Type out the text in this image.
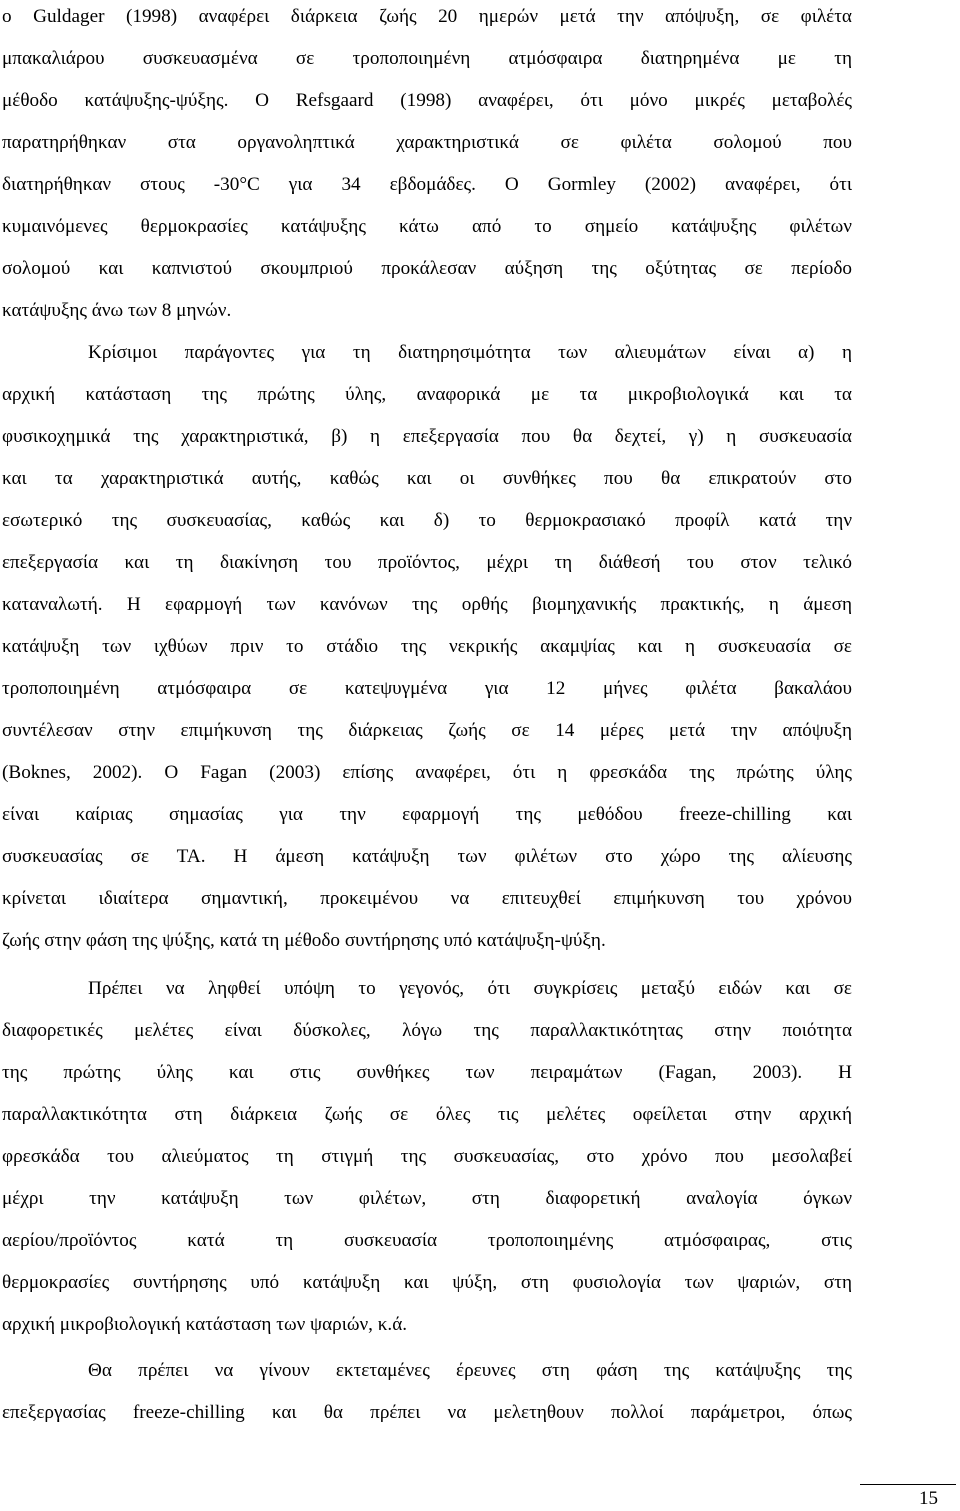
ο Guldager (1998) αναφέρει διάρκεια ζωής 20 ημερών μετά την απόψυξη, σε φιλέτα

μπακαλιάρου συσκευασμένα σε τροποποιημένη ατμόσφαιρα διατηρημένα με τη

μέθοδο κατάψυξης-ψύξης. O Refsgaard (1998) αναφέρει, ότι μόνο μικρές μεταβολές

παρατηρήθηκαν στα οργανοληπτικά χαρακτηριστικά σε φιλέτα σολομού που

διατηρήθηκαν στους -30°C για 34 εβδομάδες. O Gormley (2002) αναφέρει, ότι

κυμαινόμενες θερμοκρασίες κατάψυξης κάτω από το σημείο κατάψυξης φιλέτων

σολομού και καπνιστού σκουμπριού προκάλεσαν αύξηση της οξύτητας σε περίοδο

κατάψυξης άνω των 8 μηνών.

Κρίσιμοι παράγοντες για τη διατηρησιμότητα των αλιευμάτων είναι α) η

αρχική κατάσταση της πρώτης ύλης, αναφορικά με τα μικροβιολογικά και τα

φυσικοχημικά της χαρακτηριστικά, β) η επεξεργασία που θα δεχτεί, γ) η συσκευασία

και τα χαρακτηριστικά αυτής, καθώς και οι συνθήκες που θα επικρατούν στο

εσωτερικό της συσκευασίας, καθώς και δ) το θερμοκρασιακό προφίλ κατά την

επεξεργασία και τη διακίνηση του προϊόντος, μέχρι τη διάθεσή του στον τελικό

καταναλωτή. Η εφαρμογή των κανόνων της ορθής βιομηχανικής πρακτικής, η άμεση

κατάψυξη των ιχθύων πριν το στάδιο της νεκρικής ακαμψίας και η συσκευασία σε

τροποποιημένη ατμόσφαιρα σε κατεψυγμένα για 12 μήνες φιλέτα βακαλάου

συντέλεσαν στην επιμήκυνση της διάρκειας ζωής σε 14 μέρες μετά την απόψυξη

(Boknes, 2002). O Fagan (2003) επίσης αναφέρει, ότι η φρεσκάδα της πρώτης ύλης

είναι καίριας σημασίας για την εφαρμογή της μεθόδου freeze-chilling και

συσκευασίας σε ΤΑ. Η άμεση κατάψυξη των φιλέτων στο χώρο της αλίευσης

κρίνεται ιδιαίτερα σημαντική, προκειμένου να επιτευχθεί επιμήκυνση του χρόνου

ζωής στην φάση της ψύξης, κατά τη μέθοδο συντήρησης υπό κατάψυξη-ψύξη.

Πρέπει να ληφθεί υπόψη το γεγονός, ότι συγκρίσεις μεταξύ ειδών και σε

διαφορετικές μελέτες είναι δύσκολες, λόγω της παραλλακτικότητας στην ποιότητα

της πρώτης ύλης και στις συνθήκες των πειραμάτων (Fagan, 2003). Η

παραλλακτικότητα στη διάρκεια ζωής σε όλες τις μελέτες οφείλεται στην αρχική

φρεσκάδα του αλιεύματος τη στιγμή της συσκευασίας, στο χρόνο που μεσολαβεί

μέχρι την κατάψυξη των φιλέτων, στη διαφορετική αναλογία όγκων

αερίου/προϊόντος κατά τη συσκευασία τροποποιημένης ατμόσφαιρας, στις

θερμοκρασίες συντήρησης υπό κατάψυξη και ψύξη, στη φυσιολογία των ψαριών, στη

αρχική μικροβιολογική κατάσταση των ψαριών, κ.ά.

Θα πρέπει να γίνουν εκτεταμένες έρευνες στη φάση της κατάψυξης της

επεξεργασίας freeze-chilling και θα πρέπει να μελετηθουν πολλοί παράμετροι, όπως

15
